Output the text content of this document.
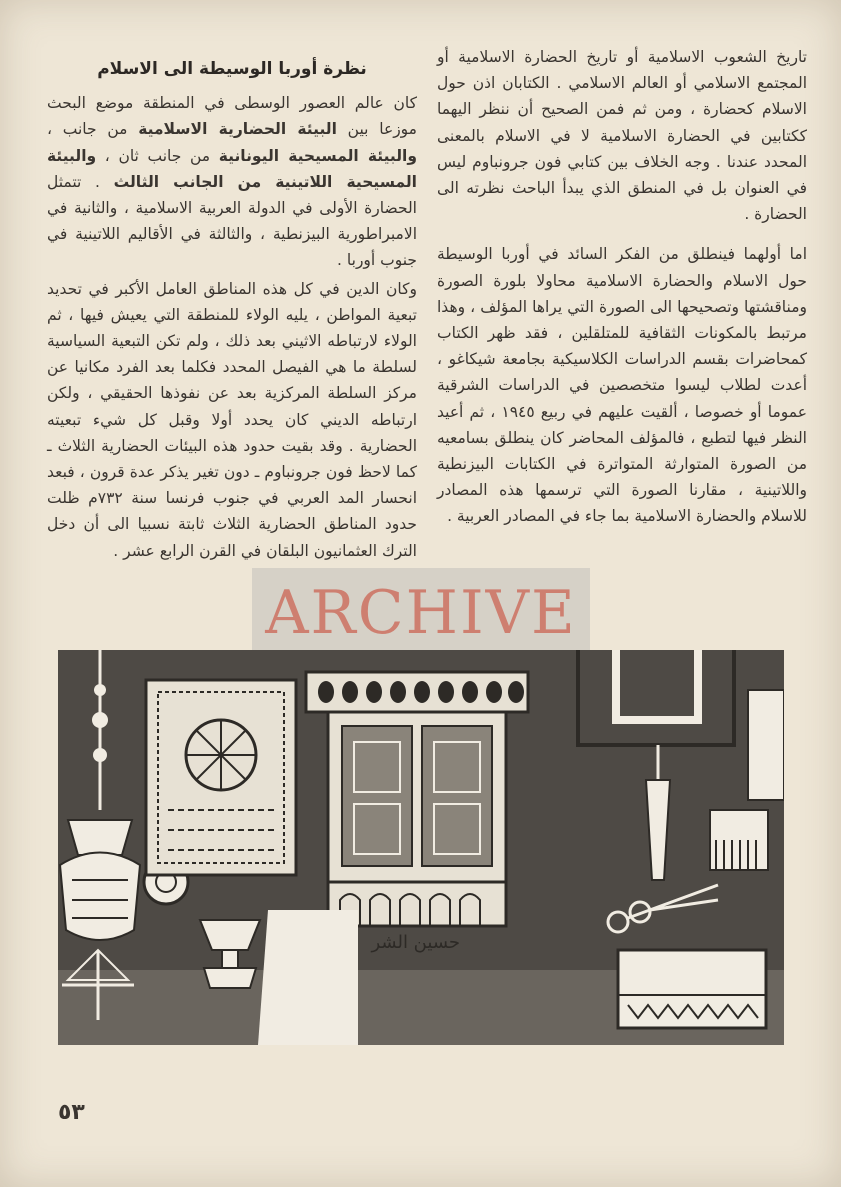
تاريخ الشعوب الاسلامية أو تاريخ الحضارة الاسلامية أو المجتمع الاسلامي أو العالم الاسلامي . الكتابان اذن حول الاسلام كحضارة ، ومن ثم فمن الصحيح أن ننظر اليهما ككتابين في الحضارة الاسلامية لا في الاسلام بالمعنى المحدد عندنا . وجه الخلاف بين كتابي فون جرونباوم ليس في العنوان بل في المنطق الذي يبدأ الباحث نظرته الى الحضارة .

اما أولهما فينطلق من الفكر السائد في أوربا الوسيطة حول الاسلام والحضارة الاسلامية محاولا بلورة الصورة ومناقشتها وتصحيحها الى الصورة التي يراها المؤلف ، وهذا مرتبط بالمكونات الثقافية للمتلقلين ، فقد ظهر الكتاب كمحاضرات بقسم الدراسات الكلاسيكية بجامعة شيكاغو ، أعدت لطلاب ليسوا متخصصين في الدراسات الشرقية عموما أو خصوصا ، ألقيت عليهم في ربيع ١٩٤٥ ، ثم أعيد النظر فيها لتطبع ، فالمؤلف المحاضر كان ينطلق بسامعيه من الصورة المتوارثة المتواترة في الكتابات البيزنطية واللاتينية ، مقارنا الصورة التي ترسمها هذه المصادر للاسلام والحضارة الاسلامية بما جاء في المصادر العربية .

نظرة أوربا الوسيطة الى الاسلام

كان عالم العصور الوسطى في المنطقة موضع البحث موزعا بين البيئة الحضارية الاسلامية من جانب ، والبيئة المسيحية اليونانية من جانب ثان ، والبيئة المسيحية اللاتينية من الجانب الثالث . تتمثل الحضارة الأولى في الدولة العربية الاسلامية ، والثانية في الامبراطورية البيزنطية ، والثالثة في الأقاليم اللاتينية في جنوب أوربا .

وكان الدين في كل هذه المناطق العامل الأكبر في تحديد تبعية المواطن ، يليه الولاء للمنطقة التي يعيش فيها ، ثم الولاء لارتباطه الاثيني بعد ذلك ، ولم تكن التبعية السياسية لسلطة ما هي الفيصل المحدد فكلما بعد الفرد مكانيا عن مركز السلطة المركزية بعد عن نفوذها الحقيقي ، ولكن ارتباطه الديني كان يحدد أولا وقبل كل شيء تبعيته الحضارية . وقد بقيت حدود هذه البيئات الحضارية الثلاث ـ كما لاحظ فون جرونباوم ـ دون تغير يذكر عدة قرون ، فبعد انحسار المد العربي في جنوب فرنسا سنة ٧٣٢م ظلت حدود المناطق الحضارية الثلاث ثابتة نسبيا الى أن دخل الترك العثمانيون البلقان في القرن الرابع عشر .

ARCHIVE
حسين الشر
٥٣
